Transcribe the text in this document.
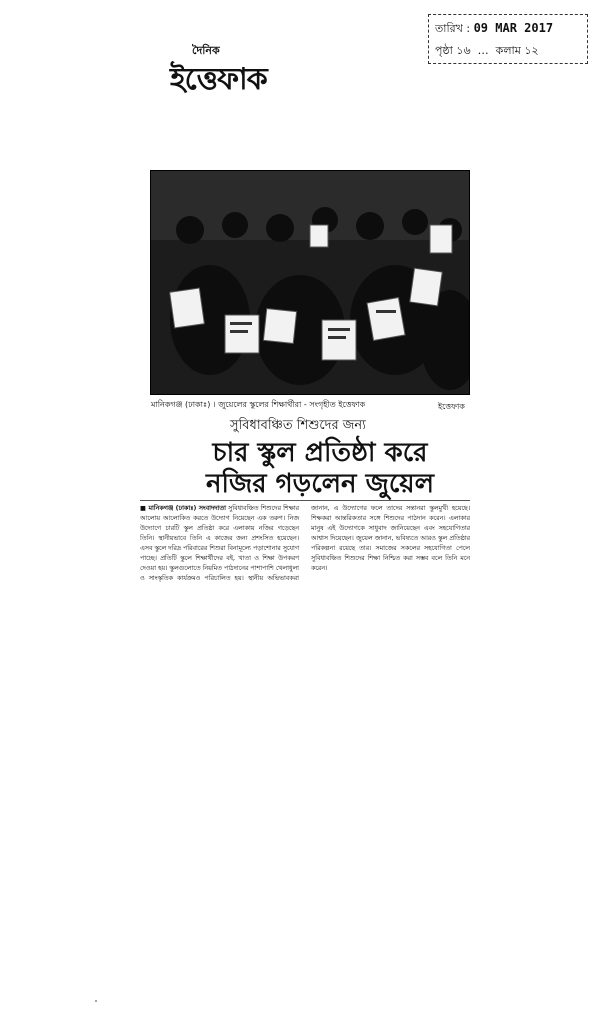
তারিখ : 09 MAR 2017
পৃষ্ঠা ১৬  …  কলাম ১২
দৈনিক
ইত্তেফাক
মানিকগঞ্জ (ঢাকাঃ) । জুয়েলের স্কুলের শিক্ষার্থীরা - সংগৃহীত ইত্তেফাক	ইত্তেফাক
সুবিধাবঞ্চিত শিশুদের জন্য
চার স্কুল প্রতিষ্ঠা করে
নজির গড়লেন জুয়েল
■ মানিকগঞ্জ (ঢাকাঃ) সংবাদদাতা সুবিধাবঞ্চিত শিশুদের শিক্ষার আলোয় আলোকিত করতে উদ্যোগ নিয়েছেন এক তরুণ। নিজ উদ্যোগে চারটি স্কুল প্রতিষ্ঠা করে এলাকায় নজির গড়েছেন তিনি। স্থানীয়ভাবে তিনি এ কাজের জন্য প্রশংসিত হয়েছেন। এসব স্কুলে দরিদ্র পরিবারের শিশুরা বিনামূল্যে পড়াশোনার সুযোগ পাচ্ছে। প্রতিটি স্কুলে শিক্ষার্থীদের বই, খাতা ও শিক্ষা উপকরণ দেওয়া হয়। স্কুলগুলোতে নিয়মিত পাঠদানের পাশাপাশি খেলাধুলা ও সাংস্কৃতিক কার্যক্রমও পরিচালিত হয়। স্থানীয় অভিভাবকরা জানান, এ উদ্যোগের ফলে তাদের সন্তানরা স্কুলমুখী হয়েছে। শিক্ষকরা আন্তরিকতার সঙ্গে শিশুদের পাঠদান করেন। এলাকার মানুষ এই উদ্যোগকে সাধুবাদ জানিয়েছেন এবং সহযোগিতার আশ্বাস দিয়েছেন। জুয়েল জানান, ভবিষ্যতে আরও স্কুল প্রতিষ্ঠার পরিকল্পনা রয়েছে তার। সমাজের সকলের সহযোগিতা পেলে সুবিধাবঞ্চিত শিশুদের শিক্ষা নিশ্চিত করা সম্ভব বলে তিনি মনে করেন।
